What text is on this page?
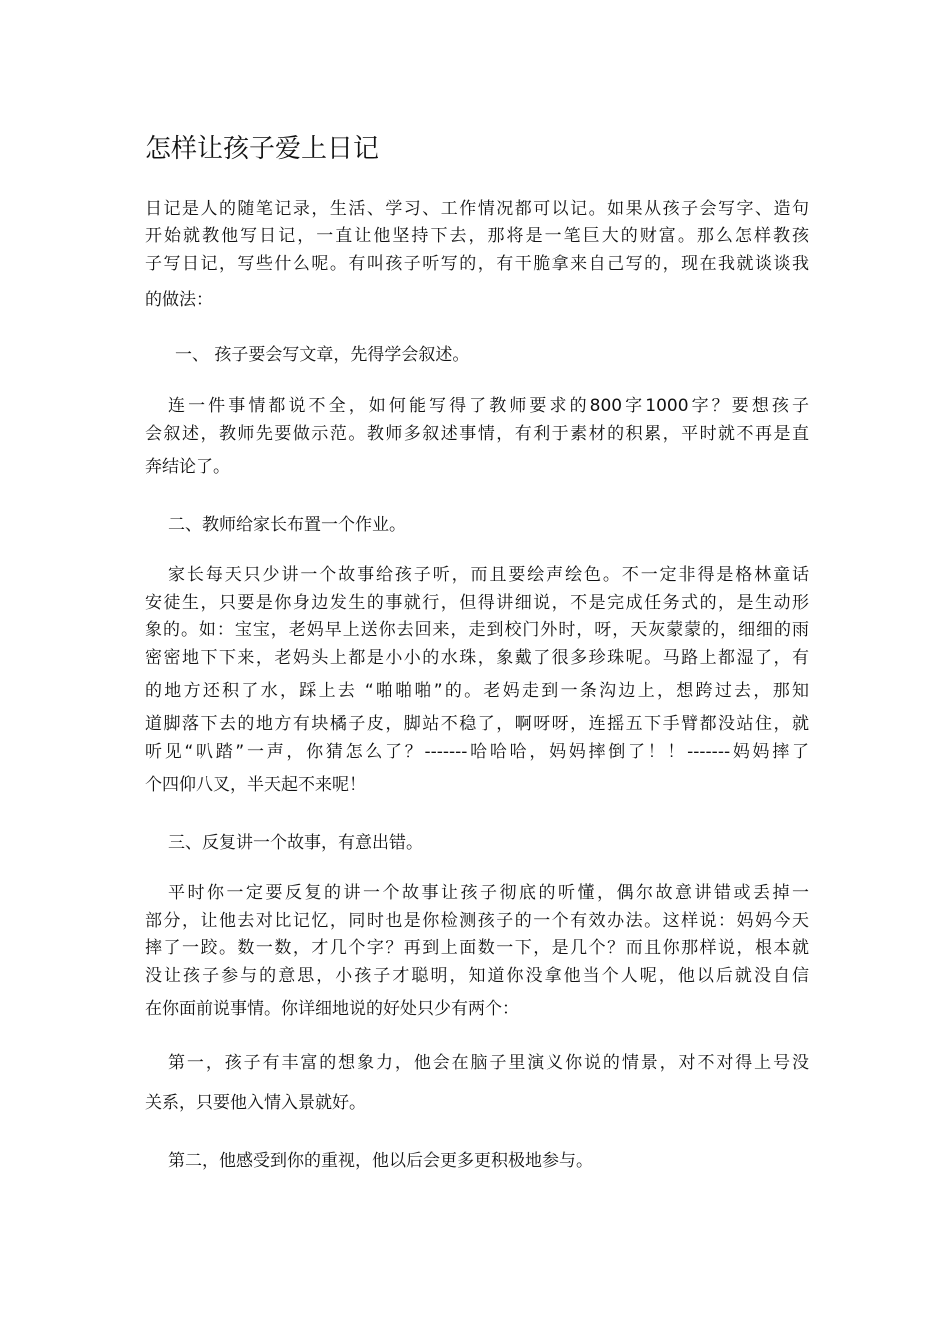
怎样让孩子爱上日记

日记是人的随笔记录，生活、学习、工作情况都可以记。如果从孩子会写字、造句

开始就教他写日记，一直让他坚持下去，那将是一笔巨大的财富。那么怎样教孩

子写日记，写些什么呢。有叫孩子听写的，有干脆拿来自己写的，现在我就谈谈我

的做法：

一、 孩子要会写文章，先得学会叙述。

连一件事情都说不全，如何能写得了教师要求的800字1000字？要想孩子

会叙述，教师先要做示范。教师多叙述事情，有利于素材的积累，平时就不再是直

奔结论了。

二、教师给家长布置一个作业。

家长每天只少讲一个故事给孩子听，而且要绘声绘色。不一定非得是格林童话

安徒生，只要是你身边发生的事就行，但得讲细说，不是完成任务式的，是生动形

象的。如：宝宝，老妈早上送你去回来，走到校门外时，呀，天灰蒙蒙的，细细的雨

密密地下下来，老妈头上都是小小的水珠，象戴了很多珍珠呢。马路上都湿了，有

的地方还积了水，踩上去 “啪啪啪”的。老妈走到一条沟边上，想跨过去，那知

道脚落下去的地方有块橘子皮，脚站不稳了，啊呀呀，连摇五下手臂都没站住，就

听见“叭踏”一声，你猜怎么了？-------哈哈哈，妈妈摔倒了！！-------妈妈摔了

个四仰八叉，半天起不来呢！

三、反复讲一个故事，有意出错。

平时你一定要反复的讲一个故事让孩子彻底的听懂，偶尔故意讲错或丢掉一

部分，让他去对比记忆，同时也是你检测孩子的一个有效办法。这样说：妈妈今天

摔了一跤。数一数，才几个字？再到上面数一下，是几个？而且你那样说，根本就

没让孩子参与的意思，小孩子才聪明，知道你没拿他当个人呢，他以后就没自信

在你面前说事情。你详细地说的好处只少有两个：

第一，孩子有丰富的想象力，他会在脑子里演义你说的情景，对不对得上号没

关系，只要他入情入景就好。

第二，他感受到你的重视，他以后会更多更积极地参与。
